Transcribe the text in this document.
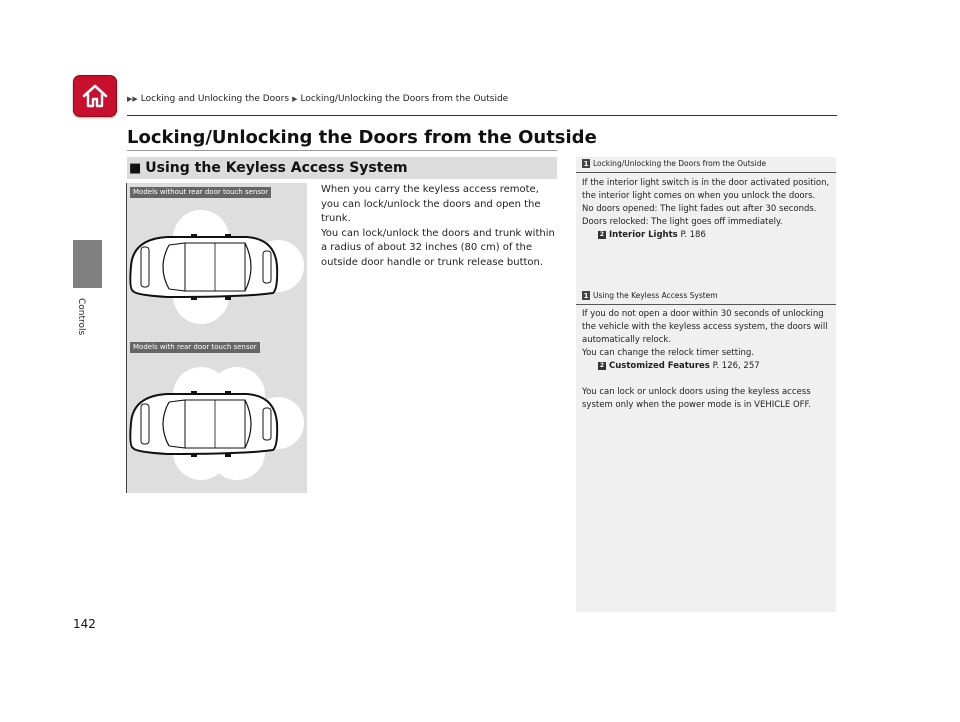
▶▶ Locking and Unlocking the Doors ▶ Locking/Unlocking the Doors from the Outside
Controls
Locking/Unlocking the Doors from the Outside
■ Using the Keyless Access System
Models without rear door touch sensor
Models with rear door touch sensor

When you carry the keyless access remote, you can lock/unlock the doors and open the trunk.

You can lock/unlock the doors and trunk within a radius of about 32 inches (80 cm) of the outside door handle or trunk release button.

1 Locking/Unlocking the Doors from the Outside
If the interior light switch is in the door activated position, the interior light comes on when you unlock the doors.
No doors opened: The light fades out after 30 seconds.
Doors relocked: The light goes off immediately.
2 Interior Lights P. 186
1 Using the Keyless Access System
If you do not open a door within 30 seconds of unlocking the vehicle with the keyless access system, the doors will automatically relock.
You can change the relock timer setting.
2 Customized Features P. 126, 257
You can lock or unlock doors using the keyless access system only when the power mode is in VEHICLE OFF.
142
